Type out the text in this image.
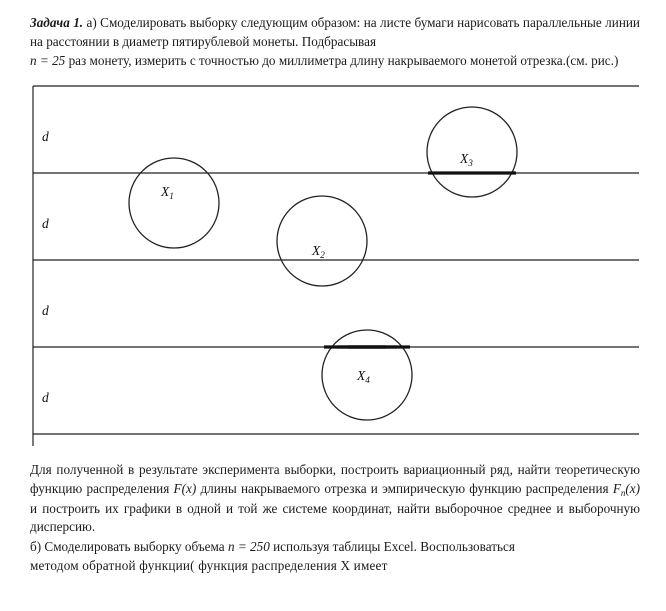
Задача 1. а) Смоделировать выборку следующим образом: на листе бумаги нарисовать параллельные линии на расстоянии в диаметр пятирублевой монеты. Подбрасывая

n = 25 раз монету, измерить с точностью до миллиметра длину накрываемого монетой отрезка.(см. рис.)

d
d
d
d
$X_1$
$X_2$
$X_3$
$X_4$

Для полученной в результате эксперимента выборки, построить вариационный ряд, найти теоретическую функцию распределения F(x) длины накрываемого отрезка и эмпирическую функцию распределения $F_n(x)$ и построить их графики в одной и той же системе координат, найти выборочное среднее и выборочную дисперсию.

б) Смоделировать выборку объема n = 250 используя таблицы Excel. Воспользоваться

методом обратной функции( функция распределения X имеет
